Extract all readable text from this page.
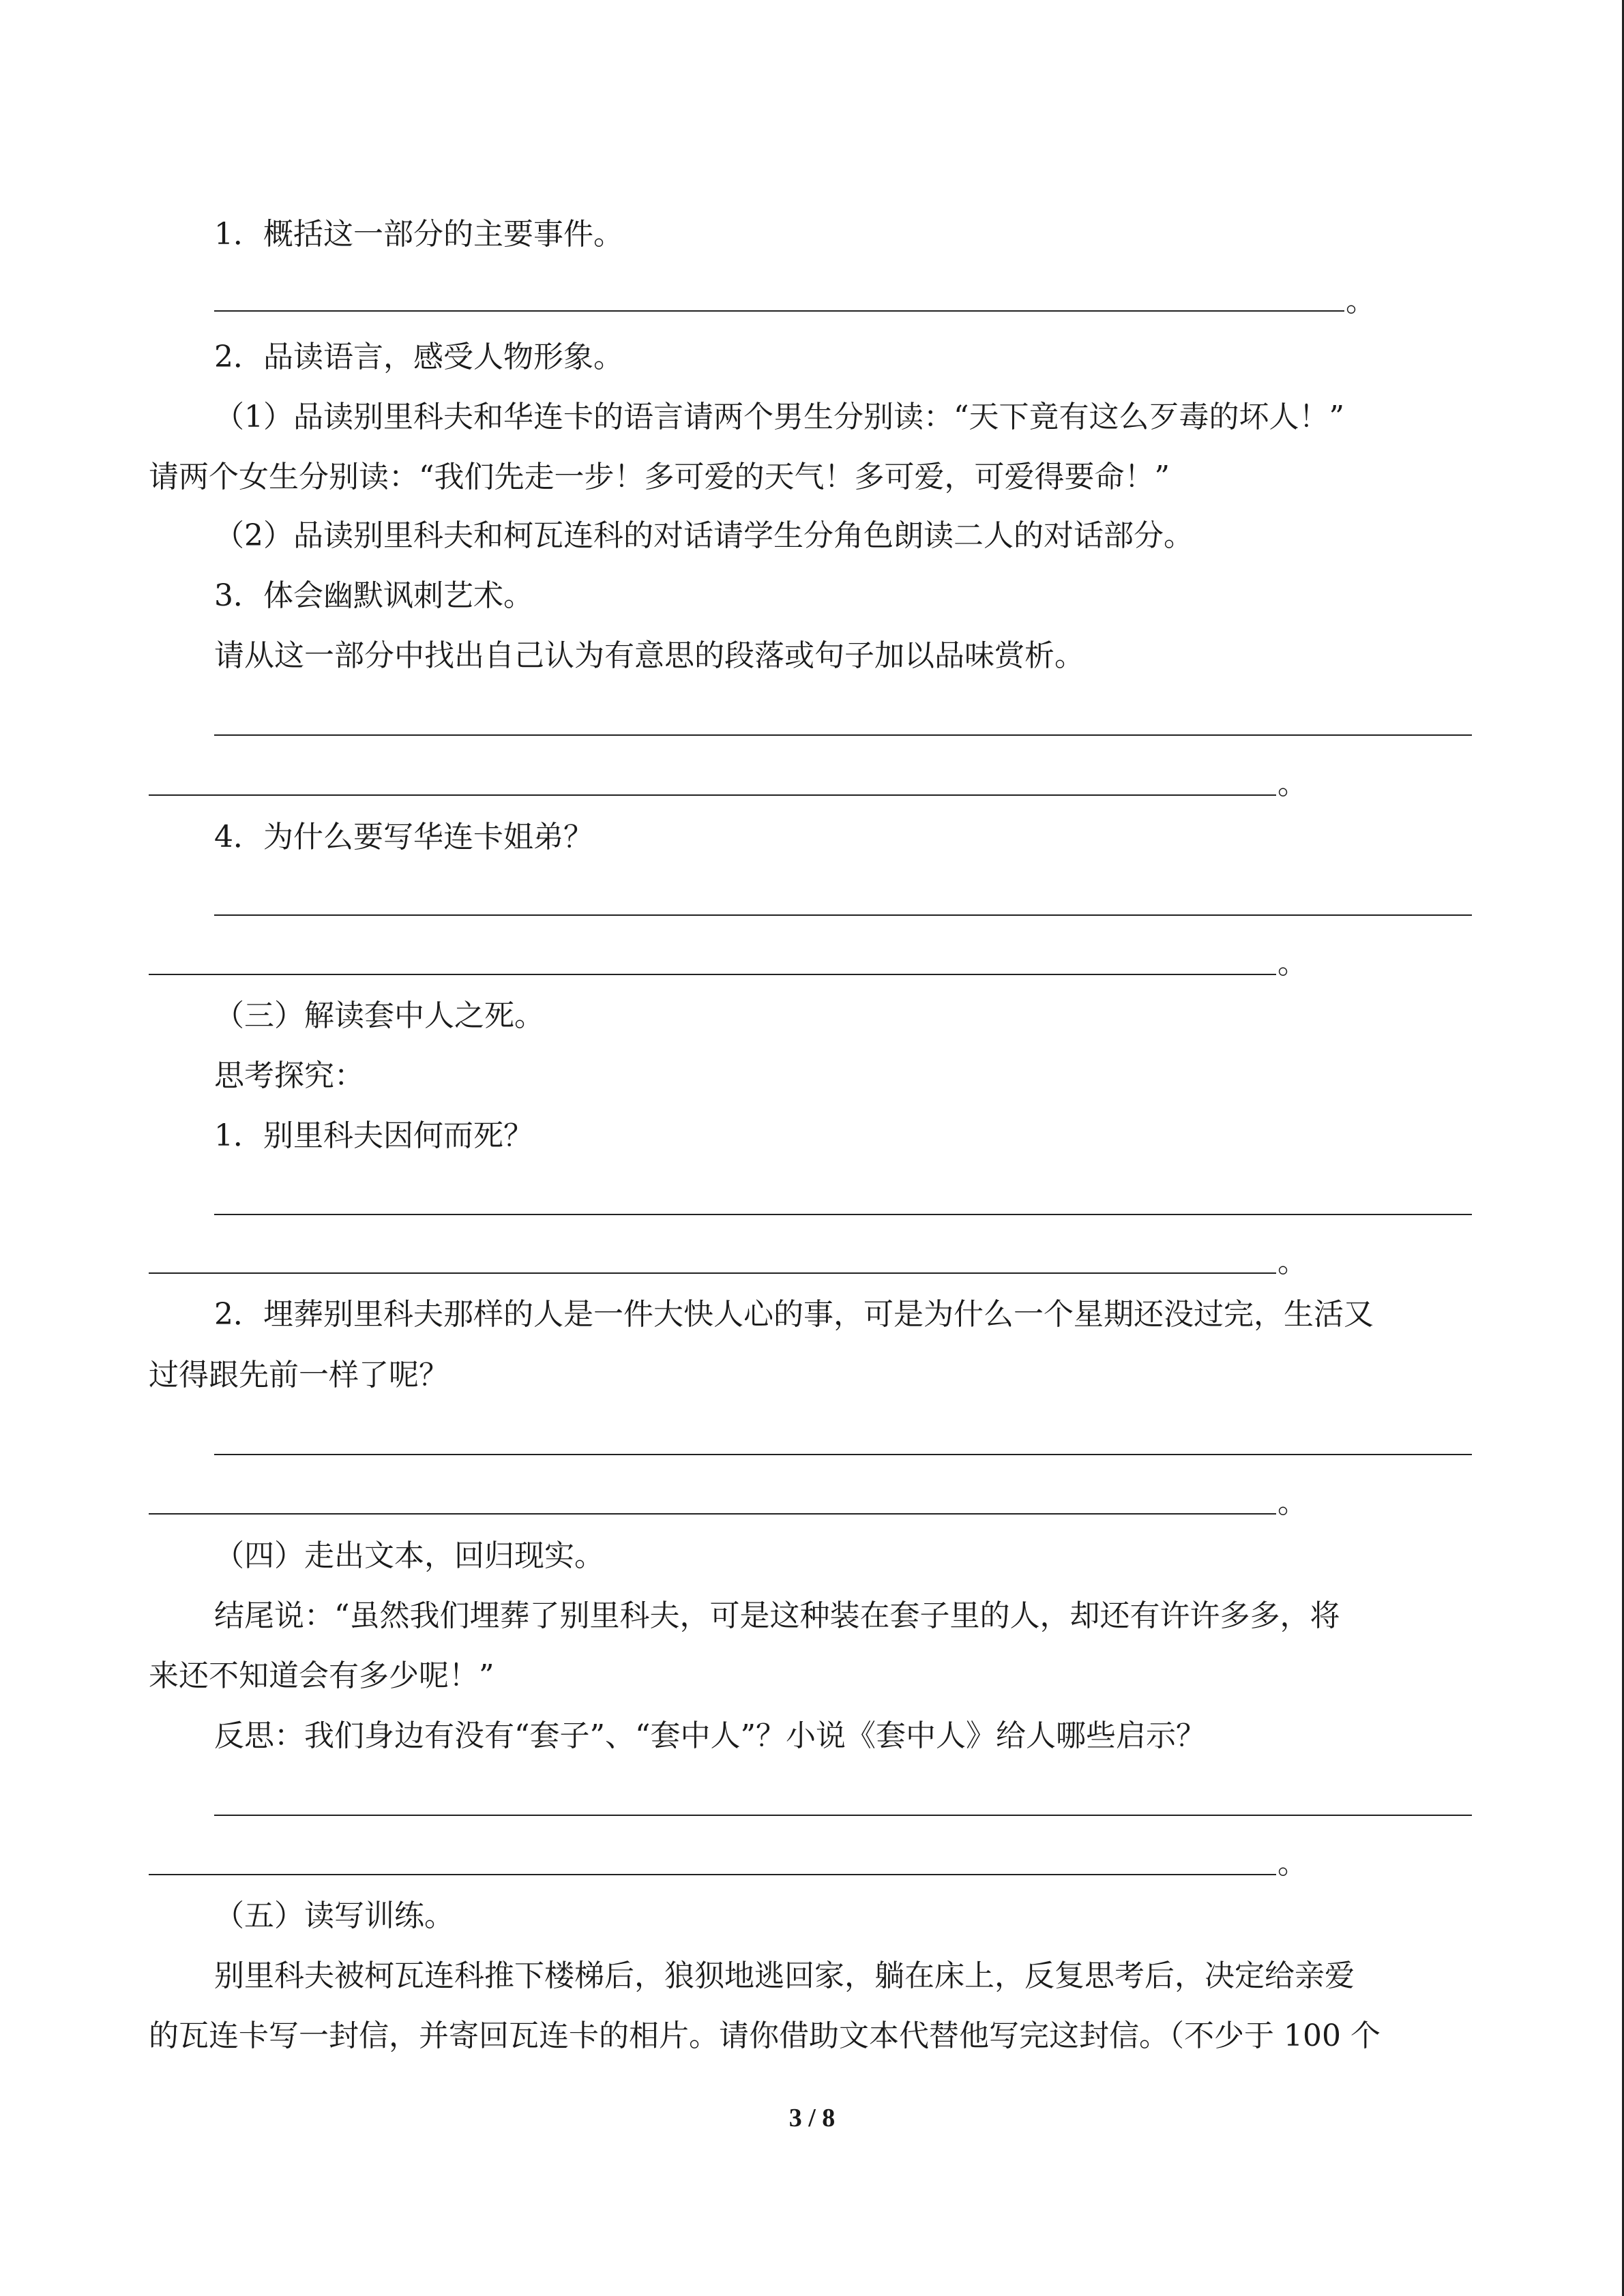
1．概括这一部分的主要事件。
。
2．品读语言，感受人物形象。
（1）品读别里科夫和华连卡的语言请两个男生分别读：“天下竟有这么歹毒的坏人！”
请两个女生分别读：“我们先走一步！多可爱的天气！多可爱，可爱得要命！”
（2）品读别里科夫和柯瓦连科的对话请学生分角色朗读二人的对话部分。
3．体会幽默讽刺艺术。
请从这一部分中找出自己认为有意思的段落或句子加以品味赏析。
。
4．为什么要写华连卡姐弟？
。
（三）解读套中人之死。
思考探究：
1．别里科夫因何而死？
。
2．埋葬别里科夫那样的人是一件大快人心的事，可是为什么一个星期还没过完，生活又
过得跟先前一样了呢？
。
（四）走出文本，回归现实。
结尾说：“虽然我们埋葬了别里科夫，可是这种装在套子里的人，却还有许许多多，将
来还不知道会有多少呢！”
反思：我们身边有没有“套子”、“套中人”？小说《套中人》给人哪些启示？
。
（五）读写训练。
别里科夫被柯瓦连科推下楼梯后，狼狈地逃回家，躺在床上，反复思考后，决定给亲爱
的瓦连卡写一封信，并寄回瓦连卡的相片。请你借助文本代替他写完这封信。（不少于 100 个
3 / 8
